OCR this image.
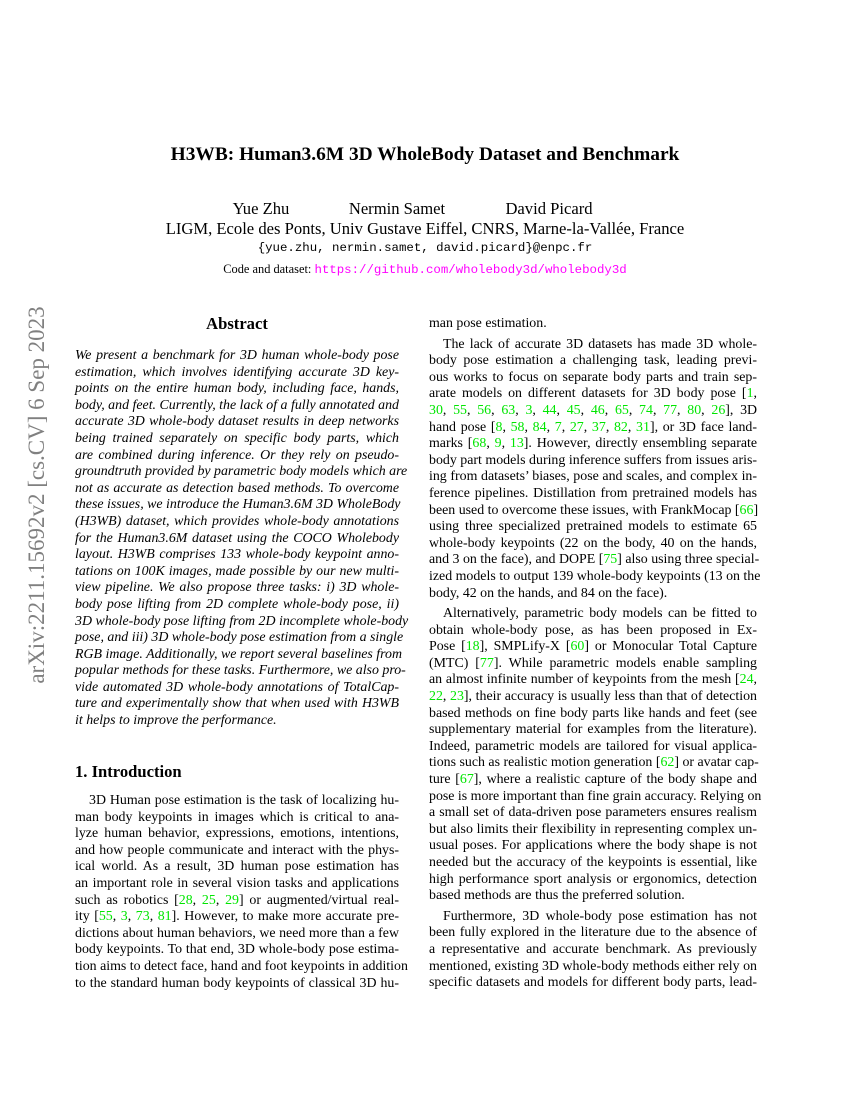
arXiv:2211.15692v2 [cs.CV] 6 Sep 2023
H3WB: Human3.6M 3D WholeBody Dataset and Benchmark
Yue Zhu	Nermin Samet	David Picard
LIGM, Ecole des Ponts, Univ Gustave Eiffel, CNRS, Marne-la-Vallée, France
{yue.zhu, nermin.samet, david.picard}@enpc.fr
Code and dataset: https://github.com/wholebody3d/wholebody3d
Abstract
We present a benchmark for 3D human whole-body pose
estimation, which involves identifying accurate 3D key-
points on the entire human body, including face, hands,
body, and feet. Currently, the lack of a fully annotated and
accurate 3D whole-body dataset results in deep networks
being trained separately on specific body parts, which
are combined during inference. Or they rely on pseudo-
groundtruth provided by parametric body models which are
not as accurate as detection based methods. To overcome
these issues, we introduce the Human3.6M 3D WholeBody
(H3WB) dataset, which provides whole-body annotations
for the Human3.6M dataset using the COCO Wholebody
layout. H3WB comprises 133 whole-body keypoint anno-
tations on 100K images, made possible by our new multi-
view pipeline. We also propose three tasks: i) 3D whole-
body pose lifting from 2D complete whole-body pose, ii)
3D whole-body pose lifting from 2D incomplete whole-body
pose, and iii) 3D whole-body pose estimation from a single
RGB image. Additionally, we report several baselines from
popular methods for these tasks. Furthermore, we also pro-
vide automated 3D whole-body annotations of TotalCap-
ture and experimentally show that when used with H3WB
it helps to improve the performance.
1. Introduction
3D Human pose estimation is the task of localizing hu-
man body keypoints in images which is critical to ana-
lyze human behavior, expressions, emotions, intentions,
and how people communicate and interact with the phys-
ical world. As a result, 3D human pose estimation has
an important role in several vision tasks and applications
such as robotics [28, 25, 29] or augmented/virtual real-
ity [55, 3, 73, 81]. However, to make more accurate pre-
dictions about human behaviors, we need more than a few
body keypoints. To that end, 3D whole-body pose estima-
tion aims to detect face, hand and foot keypoints in addition
to the standard human body keypoints of classical 3D hu-
man pose estimation.
The lack of accurate 3D datasets has made 3D whole-
body pose estimation a challenging task, leading previ-
ous works to focus on separate body parts and train sep-
arate models on different datasets for 3D body pose [1,
30, 55, 56, 63, 3, 44, 45, 46, 65, 74, 77, 80, 26], 3D
hand pose [8, 58, 84, 7, 27, 37, 82, 31], or 3D face land-
marks [68, 9, 13]. However, directly ensembling separate
body part models during inference suffers from issues aris-
ing from datasets’ biases, pose and scales, and complex in-
ference pipelines. Distillation from pretrained models has
been used to overcome these issues, with FrankMocap [66]
using three specialized pretrained models to estimate 65
whole-body keypoints (22 on the body, 40 on the hands,
and 3 on the face), and DOPE [75] also using three special-
ized models to output 139 whole-body keypoints (13 on the
body, 42 on the hands, and 84 on the face).
Alternatively, parametric body models can be fitted to
obtain whole-body pose, as has been proposed in Ex-
Pose [18], SMPLify-X [60] or Monocular Total Capture
(MTC) [77]. While parametric models enable sampling
an almost infinite number of keypoints from the mesh [24,
22, 23], their accuracy is usually less than that of detection
based methods on fine body parts like hands and feet (see
supplementary material for examples from the literature).
Indeed, parametric models are tailored for visual applica-
tions such as realistic motion generation [62] or avatar cap-
ture [67], where a realistic capture of the body shape and
pose is more important than fine grain accuracy. Relying on
a small set of data-driven pose parameters ensures realism
but also limits their flexibility in representing complex un-
usual poses. For applications where the body shape is not
needed but the accuracy of the keypoints is essential, like
high performance sport analysis or ergonomics, detection
based methods are thus the preferred solution.
Furthermore, 3D whole-body pose estimation has not
been fully explored in the literature due to the absence of
a representative and accurate benchmark. As previously
mentioned, existing 3D whole-body methods either rely on
specific datasets and models for different body parts, lead-
